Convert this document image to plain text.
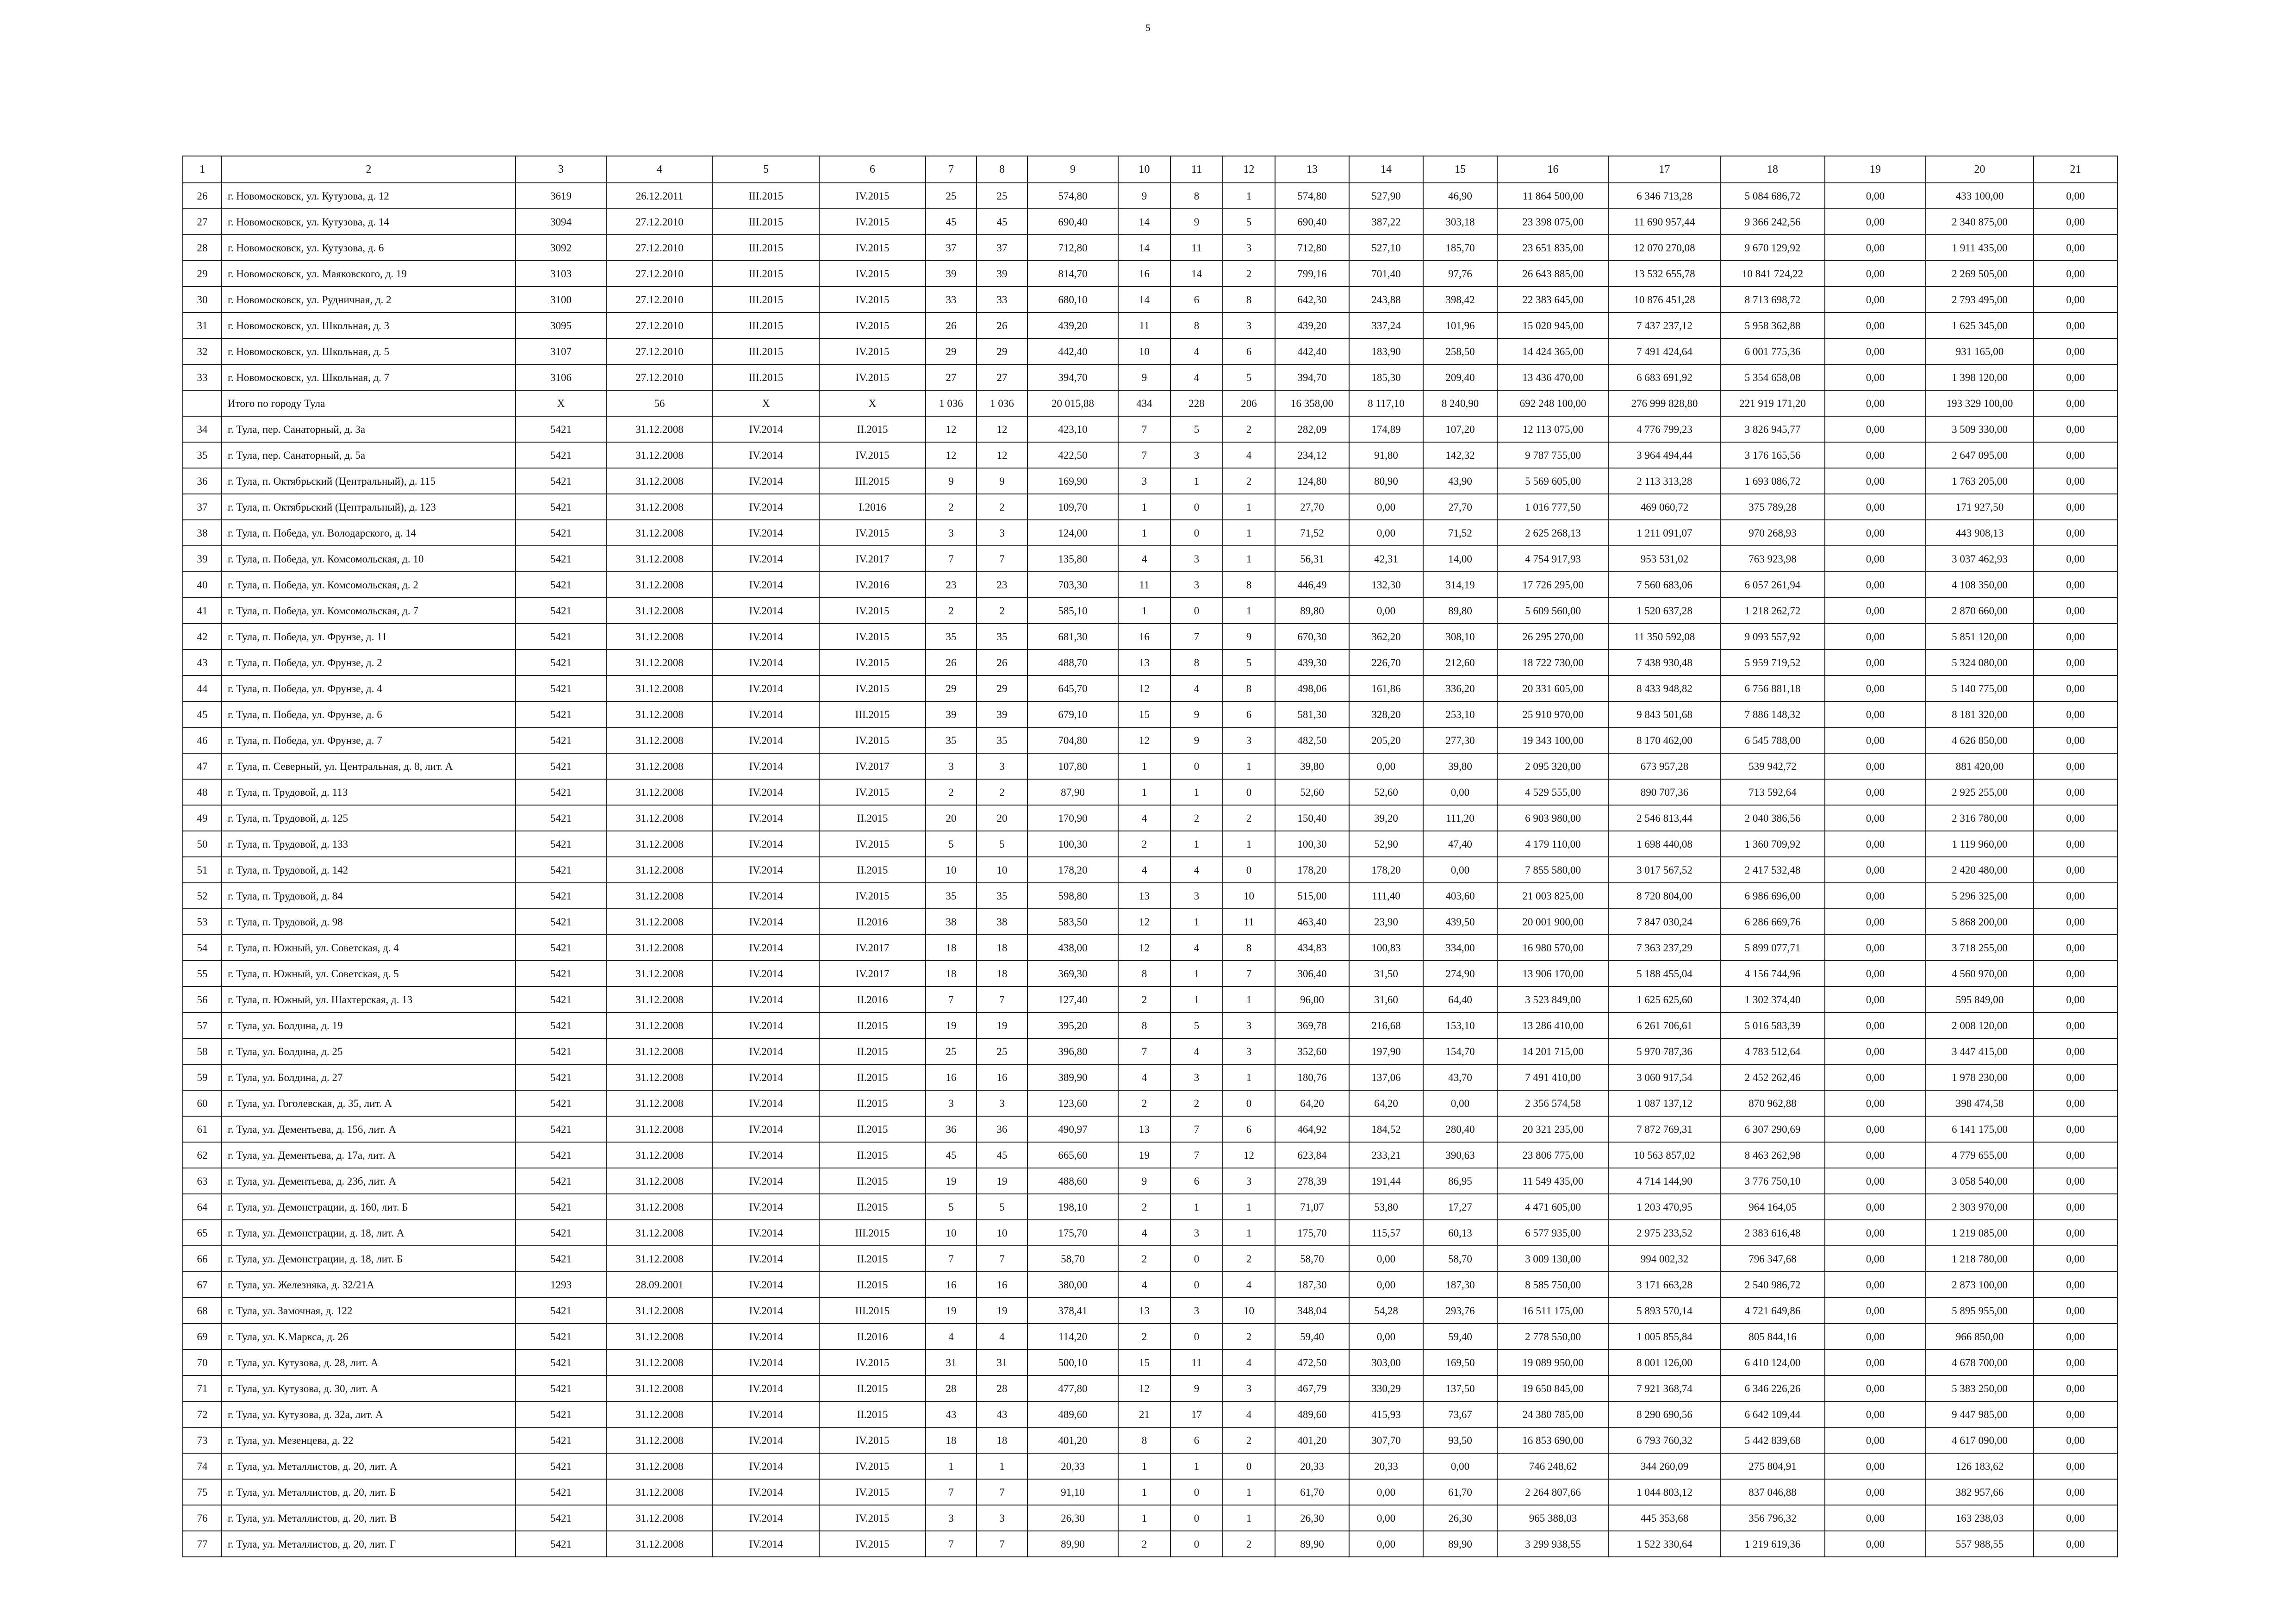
5
1	2	3	4	5	6	7	8	9	10	11	12	13	14	15	16	17	18	19	20	21
26	г. Новомосковск, ул. Кутузова, д. 12	3619	26.12.2011	III.2015	IV.2015	25	25	574,80	9	8	1	574,80	527,90	46,90	11 864 500,00	6 346 713,28	5 084 686,72	0,00	433 100,00	0,00
27	г. Новомосковск, ул. Кутузова, д. 14	3094	27.12.2010	III.2015	IV.2015	45	45	690,40	14	9	5	690,40	387,22	303,18	23 398 075,00	11 690 957,44	9 366 242,56	0,00	2 340 875,00	0,00
28	г. Новомосковск, ул. Кутузова, д. 6	3092	27.12.2010	III.2015	IV.2015	37	37	712,80	14	11	3	712,80	527,10	185,70	23 651 835,00	12 070 270,08	9 670 129,92	0,00	1 911 435,00	0,00
29	г. Новомосковск, ул. Маяковского, д. 19	3103	27.12.2010	III.2015	IV.2015	39	39	814,70	16	14	2	799,16	701,40	97,76	26 643 885,00	13 532 655,78	10 841 724,22	0,00	2 269 505,00	0,00
30	г. Новомосковск, ул. Рудничная, д. 2	3100	27.12.2010	III.2015	IV.2015	33	33	680,10	14	6	8	642,30	243,88	398,42	22 383 645,00	10 876 451,28	8 713 698,72	0,00	2 793 495,00	0,00
31	г. Новомосковск, ул. Школьная, д. 3	3095	27.12.2010	III.2015	IV.2015	26	26	439,20	11	8	3	439,20	337,24	101,96	15 020 945,00	7 437 237,12	5 958 362,88	0,00	1 625 345,00	0,00
32	г. Новомосковск, ул. Школьная, д. 5	3107	27.12.2010	III.2015	IV.2015	29	29	442,40	10	4	6	442,40	183,90	258,50	14 424 365,00	7 491 424,64	6 001 775,36	0,00	931 165,00	0,00
33	г. Новомосковск, ул. Школьная, д. 7	3106	27.12.2010	III.2015	IV.2015	27	27	394,70	9	4	5	394,70	185,30	209,40	13 436 470,00	6 683 691,92	5 354 658,08	0,00	1 398 120,00	0,00
	Итого по городу Тула	X	56	X	X	1 036	1 036	20 015,88	434	228	206	16 358,00	8 117,10	8 240,90	692 248 100,00	276 999 828,80	221 919 171,20	0,00	193 329 100,00	0,00
34	г. Тула, пер. Санаторный, д. 3а	5421	31.12.2008	IV.2014	II.2015	12	12	423,10	7	5	2	282,09	174,89	107,20	12 113 075,00	4 776 799,23	3 826 945,77	0,00	3 509 330,00	0,00
35	г. Тула, пер. Санаторный, д. 5а	5421	31.12.2008	IV.2014	IV.2015	12	12	422,50	7	3	4	234,12	91,80	142,32	9 787 755,00	3 964 494,44	3 176 165,56	0,00	2 647 095,00	0,00
36	г. Тула, п. Октябрьский (Центральный), д. 115	5421	31.12.2008	IV.2014	III.2015	9	9	169,90	3	1	2	124,80	80,90	43,90	5 569 605,00	2 113 313,28	1 693 086,72	0,00	1 763 205,00	0,00
37	г. Тула, п. Октябрьский (Центральный), д. 123	5421	31.12.2008	IV.2014	I.2016	2	2	109,70	1	0	1	27,70	0,00	27,70	1 016 777,50	469 060,72	375 789,28	0,00	171 927,50	0,00
38	г. Тула, п. Победа, ул. Володарского, д. 14	5421	31.12.2008	IV.2014	IV.2015	3	3	124,00	1	0	1	71,52	0,00	71,52	2 625 268,13	1 211 091,07	970 268,93	0,00	443 908,13	0,00
39	г. Тула, п. Победа, ул. Комсомольская, д. 10	5421	31.12.2008	IV.2014	IV.2017	7	7	135,80	4	3	1	56,31	42,31	14,00	4 754 917,93	953 531,02	763 923,98	0,00	3 037 462,93	0,00
40	г. Тула, п. Победа, ул. Комсомольская, д. 2	5421	31.12.2008	IV.2014	IV.2016	23	23	703,30	11	3	8	446,49	132,30	314,19	17 726 295,00	7 560 683,06	6 057 261,94	0,00	4 108 350,00	0,00
41	г. Тула, п. Победа, ул. Комсомольская, д. 7	5421	31.12.2008	IV.2014	IV.2015	2	2	585,10	1	0	1	89,80	0,00	89,80	5 609 560,00	1 520 637,28	1 218 262,72	0,00	2 870 660,00	0,00
42	г. Тула, п. Победа, ул. Фрунзе, д. 11	5421	31.12.2008	IV.2014	IV.2015	35	35	681,30	16	7	9	670,30	362,20	308,10	26 295 270,00	11 350 592,08	9 093 557,92	0,00	5 851 120,00	0,00
43	г. Тула, п. Победа, ул. Фрунзе, д. 2	5421	31.12.2008	IV.2014	IV.2015	26	26	488,70	13	8	5	439,30	226,70	212,60	18 722 730,00	7 438 930,48	5 959 719,52	0,00	5 324 080,00	0,00
44	г. Тула, п. Победа, ул. Фрунзе, д. 4	5421	31.12.2008	IV.2014	IV.2015	29	29	645,70	12	4	8	498,06	161,86	336,20	20 331 605,00	8 433 948,82	6 756 881,18	0,00	5 140 775,00	0,00
45	г. Тула, п. Победа, ул. Фрунзе, д. 6	5421	31.12.2008	IV.2014	III.2015	39	39	679,10	15	9	6	581,30	328,20	253,10	25 910 970,00	9 843 501,68	7 886 148,32	0,00	8 181 320,00	0,00
46	г. Тула, п. Победа, ул. Фрунзе, д. 7	5421	31.12.2008	IV.2014	IV.2015	35	35	704,80	12	9	3	482,50	205,20	277,30	19 343 100,00	8 170 462,00	6 545 788,00	0,00	4 626 850,00	0,00
47	г. Тула, п. Северный, ул. Центральная, д. 8, лит. А	5421	31.12.2008	IV.2014	IV.2017	3	3	107,80	1	0	1	39,80	0,00	39,80	2 095 320,00	673 957,28	539 942,72	0,00	881 420,00	0,00
48	г. Тула, п. Трудовой, д. 113	5421	31.12.2008	IV.2014	IV.2015	2	2	87,90	1	1	0	52,60	52,60	0,00	4 529 555,00	890 707,36	713 592,64	0,00	2 925 255,00	0,00
49	г. Тула, п. Трудовой, д. 125	5421	31.12.2008	IV.2014	II.2015	20	20	170,90	4	2	2	150,40	39,20	111,20	6 903 980,00	2 546 813,44	2 040 386,56	0,00	2 316 780,00	0,00
50	г. Тула, п. Трудовой, д. 133	5421	31.12.2008	IV.2014	IV.2015	5	5	100,30	2	1	1	100,30	52,90	47,40	4 179 110,00	1 698 440,08	1 360 709,92	0,00	1 119 960,00	0,00
51	г. Тула, п. Трудовой, д. 142	5421	31.12.2008	IV.2014	II.2015	10	10	178,20	4	4	0	178,20	178,20	0,00	7 855 580,00	3 017 567,52	2 417 532,48	0,00	2 420 480,00	0,00
52	г. Тула, п. Трудовой, д. 84	5421	31.12.2008	IV.2014	IV.2015	35	35	598,80	13	3	10	515,00	111,40	403,60	21 003 825,00	8 720 804,00	6 986 696,00	0,00	5 296 325,00	0,00
53	г. Тула, п. Трудовой, д. 98	5421	31.12.2008	IV.2014	II.2016	38	38	583,50	12	1	11	463,40	23,90	439,50	20 001 900,00	7 847 030,24	6 286 669,76	0,00	5 868 200,00	0,00
54	г. Тула, п. Южный, ул. Советская, д. 4	5421	31.12.2008	IV.2014	IV.2017	18	18	438,00	12	4	8	434,83	100,83	334,00	16 980 570,00	7 363 237,29	5 899 077,71	0,00	3 718 255,00	0,00
55	г. Тула, п. Южный, ул. Советская, д. 5	5421	31.12.2008	IV.2014	IV.2017	18	18	369,30	8	1	7	306,40	31,50	274,90	13 906 170,00	5 188 455,04	4 156 744,96	0,00	4 560 970,00	0,00
56	г. Тула, п. Южный, ул. Шахтерская, д. 13	5421	31.12.2008	IV.2014	II.2016	7	7	127,40	2	1	1	96,00	31,60	64,40	3 523 849,00	1 625 625,60	1 302 374,40	0,00	595 849,00	0,00
57	г. Тула, ул. Болдина, д. 19	5421	31.12.2008	IV.2014	II.2015	19	19	395,20	8	5	3	369,78	216,68	153,10	13 286 410,00	6 261 706,61	5 016 583,39	0,00	2 008 120,00	0,00
58	г. Тула, ул. Болдина, д. 25	5421	31.12.2008	IV.2014	II.2015	25	25	396,80	7	4	3	352,60	197,90	154,70	14 201 715,00	5 970 787,36	4 783 512,64	0,00	3 447 415,00	0,00
59	г. Тула, ул. Болдина, д. 27	5421	31.12.2008	IV.2014	II.2015	16	16	389,90	4	3	1	180,76	137,06	43,70	7 491 410,00	3 060 917,54	2 452 262,46	0,00	1 978 230,00	0,00
60	г. Тула, ул. Гоголевская, д. 35, лит. А	5421	31.12.2008	IV.2014	II.2015	3	3	123,60	2	2	0	64,20	64,20	0,00	2 356 574,58	1 087 137,12	870 962,88	0,00	398 474,58	0,00
61	г. Тула, ул. Дементьева, д. 156, лит. А	5421	31.12.2008	IV.2014	II.2015	36	36	490,97	13	7	6	464,92	184,52	280,40	20 321 235,00	7 872 769,31	6 307 290,69	0,00	6 141 175,00	0,00
62	г. Тула, ул. Дементьева, д. 17а, лит. А	5421	31.12.2008	IV.2014	II.2015	45	45	665,60	19	7	12	623,84	233,21	390,63	23 806 775,00	10 563 857,02	8 463 262,98	0,00	4 779 655,00	0,00
63	г. Тула, ул. Дементьева, д. 23б, лит. А	5421	31.12.2008	IV.2014	II.2015	19	19	488,60	9	6	3	278,39	191,44	86,95	11 549 435,00	4 714 144,90	3 776 750,10	0,00	3 058 540,00	0,00
64	г. Тула, ул. Демонстрации, д. 160, лит. Б	5421	31.12.2008	IV.2014	II.2015	5	5	198,10	2	1	1	71,07	53,80	17,27	4 471 605,00	1 203 470,95	964 164,05	0,00	2 303 970,00	0,00
65	г. Тула, ул. Демонстрации, д. 18, лит. А	5421	31.12.2008	IV.2014	III.2015	10	10	175,70	4	3	1	175,70	115,57	60,13	6 577 935,00	2 975 233,52	2 383 616,48	0,00	1 219 085,00	0,00
66	г. Тула, ул. Демонстрации, д. 18, лит. Б	5421	31.12.2008	IV.2014	II.2015	7	7	58,70	2	0	2	58,70	0,00	58,70	3 009 130,00	994 002,32	796 347,68	0,00	1 218 780,00	0,00
67	г. Тула, ул. Железняка, д. 32/21А	1293	28.09.2001	IV.2014	II.2015	16	16	380,00	4	0	4	187,30	0,00	187,30	8 585 750,00	3 171 663,28	2 540 986,72	0,00	2 873 100,00	0,00
68	г. Тула, ул. Замочная, д. 122	5421	31.12.2008	IV.2014	III.2015	19	19	378,41	13	3	10	348,04	54,28	293,76	16 511 175,00	5 893 570,14	4 721 649,86	0,00	5 895 955,00	0,00
69	г. Тула, ул. К.Маркса, д. 26	5421	31.12.2008	IV.2014	II.2016	4	4	114,20	2	0	2	59,40	0,00	59,40	2 778 550,00	1 005 855,84	805 844,16	0,00	966 850,00	0,00
70	г. Тула, ул. Кутузова, д. 28, лит. А	5421	31.12.2008	IV.2014	IV.2015	31	31	500,10	15	11	4	472,50	303,00	169,50	19 089 950,00	8 001 126,00	6 410 124,00	0,00	4 678 700,00	0,00
71	г. Тула, ул. Кутузова, д. 30, лит. А	5421	31.12.2008	IV.2014	II.2015	28	28	477,80	12	9	3	467,79	330,29	137,50	19 650 845,00	7 921 368,74	6 346 226,26	0,00	5 383 250,00	0,00
72	г. Тула, ул. Кутузова, д. 32а, лит. А	5421	31.12.2008	IV.2014	II.2015	43	43	489,60	21	17	4	489,60	415,93	73,67	24 380 785,00	8 290 690,56	6 642 109,44	0,00	9 447 985,00	0,00
73	г. Тула, ул. Мезенцева, д. 22	5421	31.12.2008	IV.2014	IV.2015	18	18	401,20	8	6	2	401,20	307,70	93,50	16 853 690,00	6 793 760,32	5 442 839,68	0,00	4 617 090,00	0,00
74	г. Тула, ул. Металлистов, д. 20, лит. А	5421	31.12.2008	IV.2014	IV.2015	1	1	20,33	1	1	0	20,33	20,33	0,00	746 248,62	344 260,09	275 804,91	0,00	126 183,62	0,00
75	г. Тула, ул. Металлистов, д. 20, лит. Б	5421	31.12.2008	IV.2014	IV.2015	7	7	91,10	1	0	1	61,70	0,00	61,70	2 264 807,66	1 044 803,12	837 046,88	0,00	382 957,66	0,00
76	г. Тула, ул. Металлистов, д. 20, лит. В	5421	31.12.2008	IV.2014	IV.2015	3	3	26,30	1	0	1	26,30	0,00	26,30	965 388,03	445 353,68	356 796,32	0,00	163 238,03	0,00
77	г. Тула, ул. Металлистов, д. 20, лит. Г	5421	31.12.2008	IV.2014	IV.2015	7	7	89,90	2	0	2	89,90	0,00	89,90	3 299 938,55	1 522 330,64	1 219 619,36	0,00	557 988,55	0,00
